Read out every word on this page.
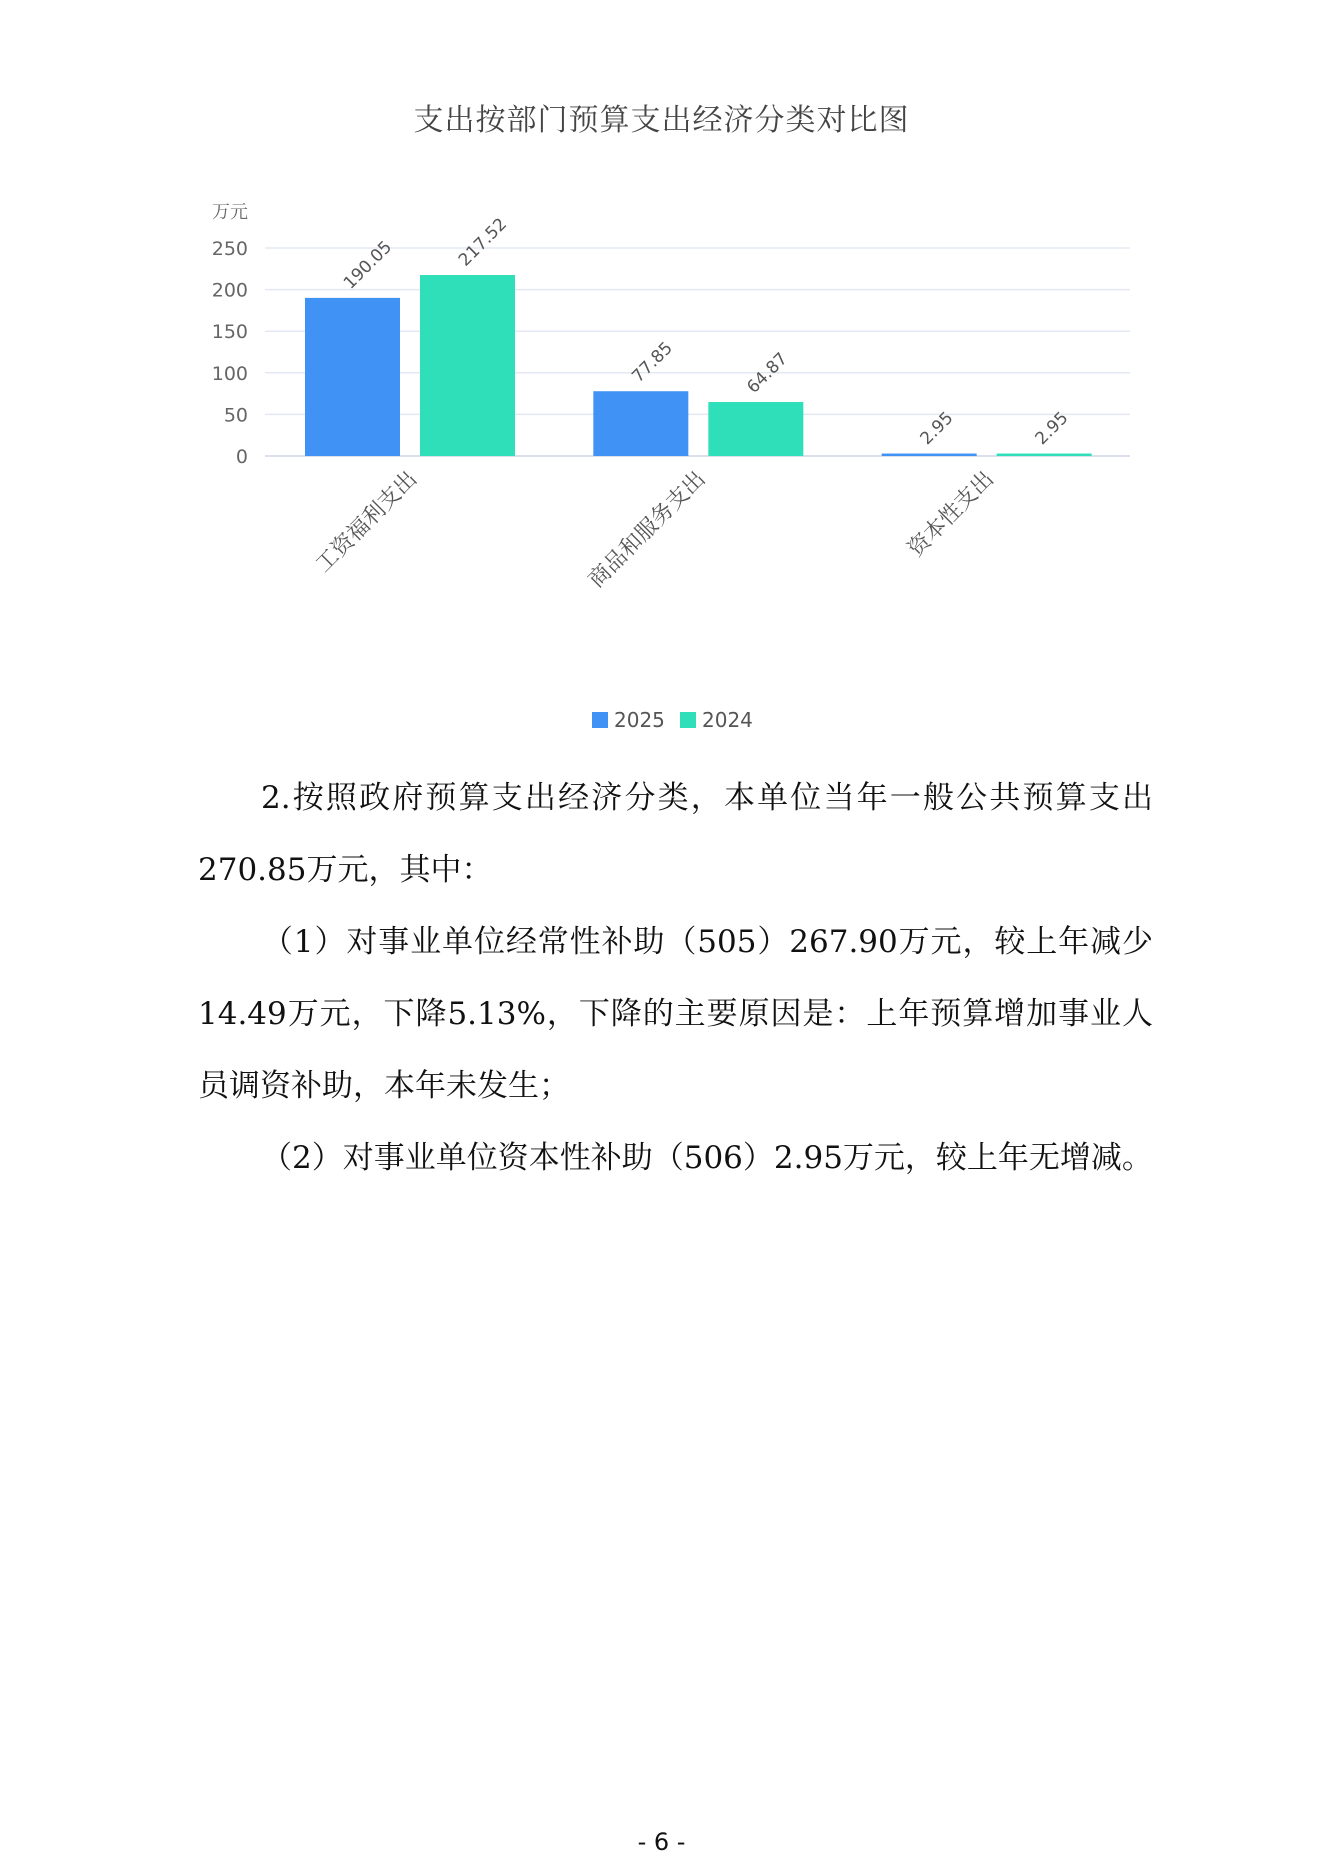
支出按部门预算支出经济分类对比图
0
50
100
150
200
250
万元
190.05	217.52
77.85	64.87
2.95	2.95
工资福利支出	商品和服务支出	资本性支出
2025 2024

2.按照政府预算支出经济分类，本单位当年一般公共预算支出270.85万元，其中：

（1）对事业单位经常性补助（505）267.90万元，较上年减少14.49万元，下降5.13%，下降的主要原因是：上年预算增加事业人员调资补助，本年未发生；

（2）对事业单位资本性补助（506）2.95万元，较上年无增减。

- 6 -
